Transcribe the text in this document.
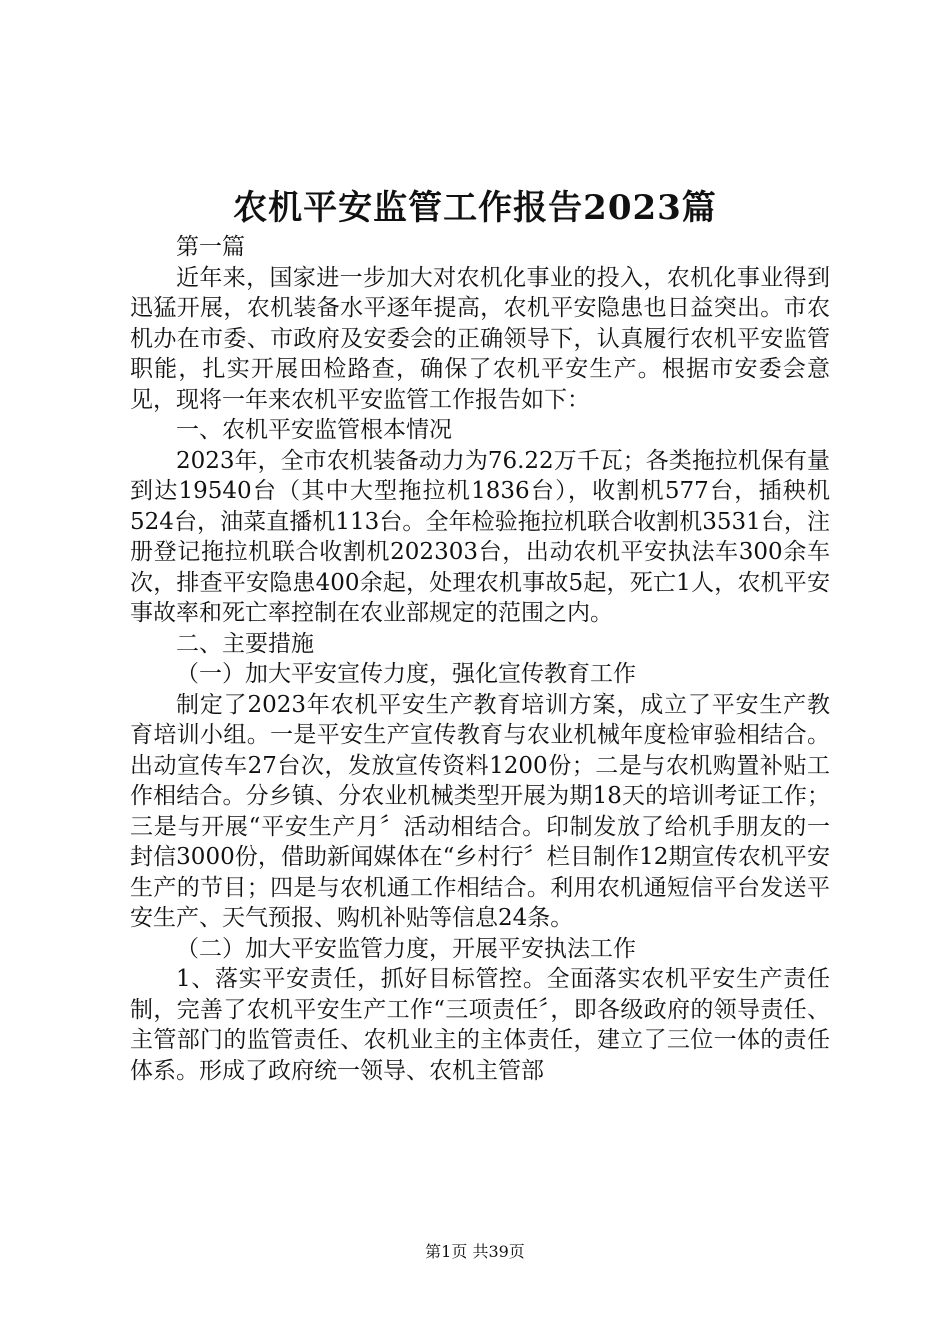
农机平安监管工作报告2023篇

第一篇

近年来，国家进一步加大对农机化事业的投入，农机化事业得到迅猛开展，农机装备水平逐年提高，农机平安隐患也日益突出。市农机办在市委、市政府及安委会的正确领导下，认真履行农机平安监管职能，扎实开展田检路查，确保了农机平安生产。根据市安委会意见，现将一年来农机平安监管工作报告如下：

一、农机平安监管根本情况

2023年，全市农机装备动力为76.22万千瓦；各类拖拉机保有量到达19540台（其中大型拖拉机1836台），收割机577台，插秧机524台，油菜直播机113台。全年检验拖拉机联合收割机3531台，注册登记拖拉机联合收割机202303台，出动农机平安执法车300余车次，排查平安隐患400余起，处理农机事故5起，死亡1人，农机平安事故率和死亡率控制在农业部规定的范围之内。

二、主要措施

（一）加大平安宣传力度，强化宣传教育工作

制定了2023年农机平安生产教育培训方案，成立了平安生产教育培训小组。一是平安生产宣传教育与农业机械年度检审验相结合。出动宣传车27台次，发放宣传资料1200份；二是与农机购置补贴工作相结合。分乡镇、分农业机械类型开展为期18天的培训考证工作；三是与开展“平安生产月〞活动相结合。印制发放了给机手朋友的一封信3000份，借助新闻媒体在“乡村行〞栏目制作12期宣传农机平安生产的节目；四是与农机通工作相结合。利用农机通短信平台发送平安生产、天气预报、购机补贴等信息24条。

（二）加大平安监管力度，开展平安执法工作

1、落实平安责任，抓好目标管控。全面落实农机平安生产责任制，完善了农机平安生产工作“三项责任〞，即各级政府的领导责任、主管部门的监管责任、农机业主的主体责任，建立了三位一体的责任体系。形成了政府统一领导、农机主管部

第1页 共39页
